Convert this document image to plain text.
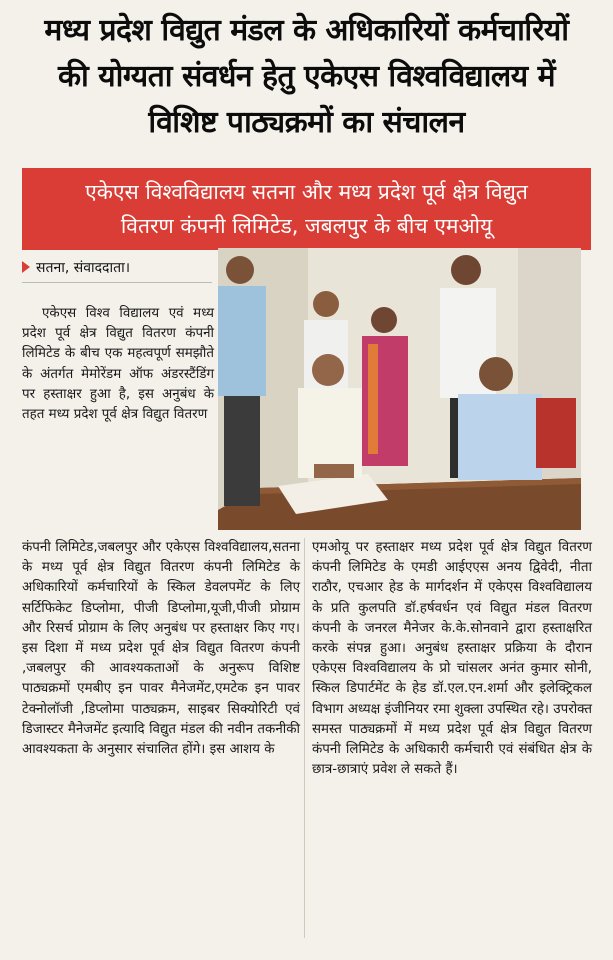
मध्य प्रदेश विद्युत मंडल के अधिकारियों कर्मचारियों
की योग्यता संवर्धन हेतु एकेएस विश्वविद्यालय में
विशिष्ट पाठ्यक्रमों का संचालन
एकेएस विश्वविद्यालय सतना और मध्य प्रदेश पूर्व क्षेत्र विद्युत
वितरण कंपनी लिमिटेड, जबलपुर के बीच एमओयू
सतना, संवाददाता।
एकेएस विश्व विद्यालय एवं मध्य प्रदेश पूर्व क्षेत्र विद्युत वितरण कंपनी लिमिटेड के बीच एक महत्वपूर्ण समझौते के अंतर्गत मेमोरेंडम ऑफ अंडरस्टैंडिंग पर हस्ताक्षर हुआ है, इस अनुबंध के तहत मध्य प्रदेश पूर्व क्षेत्र विद्युत वितरण
कंपनी लिमिटेड,जबलपुर और एकेएस विश्वविद्यालय,सतना के मध्य पूर्व क्षेत्र विद्युत वितरण कंपनी लिमिटेड के अधिकारियों कर्मचारियों के स्किल डेवलपमेंट के लिए सर्टिफिकेट डिप्लोमा, पीजी डिप्लोमा,यूजी,पीजी प्रोग्राम और रिसर्च प्रोग्राम के लिए अनुबंध पर हस्ताक्षर किए गए। इस दिशा में मध्य प्रदेश पूर्व क्षेत्र विद्युत वितरण कंपनी ,जबलपुर की आवश्यकताओं के अनुरूप विशिष्ट पाठ्यक्रमों एमबीए इन पावर मैनेजमेंट,एमटेक इन पावर टेक्नोलॉजी ,डिप्लोमा पाठ्यक्रम, साइबर सिक्योरिटी एवं डिजास्टर मैनेजमेंट इत्यादि विद्युत मंडल की नवीन तकनीकी आवश्यकता के अनुसार संचालित होंगे। इस आशय के
एमओयू पर हस्ताक्षर मध्य प्रदेश पूर्व क्षेत्र विद्युत वितरण कंपनी लिमिटेड के एमडी आईएएस अनय द्विवेदी, नीता राठौर, एचआर हेड के मार्गदर्शन में एकेएस विश्वविद्यालय के प्रति कुलपति डॉ.हर्षवर्धन एवं विद्युत मंडल वितरण कंपनी के जनरल मैनेजर के.के.सोनवाने द्वारा हस्ताक्षरित करके संपन्न हुआ। अनुबंध हस्ताक्षर प्रक्रिया के दौरान एकेएस विश्वविद्यालय के प्रो चांसलर अनंत कुमार सोनी, स्किल डिपार्टमेंट के हेड डॉ.एल.एन.शर्मा और इलेक्ट्रिकल विभाग अध्यक्ष इंजीनियर रमा शुक्ला उपस्थित रहे। उपरोक्त समस्त पाठ्यक्रमों में मध्य प्रदेश पूर्व क्षेत्र विद्युत वितरण कंपनी लिमिटेड के अधिकारी कर्मचारी एवं संबंधित क्षेत्र के छात्र-छात्राएं प्रवेश ले सकते हैं।
